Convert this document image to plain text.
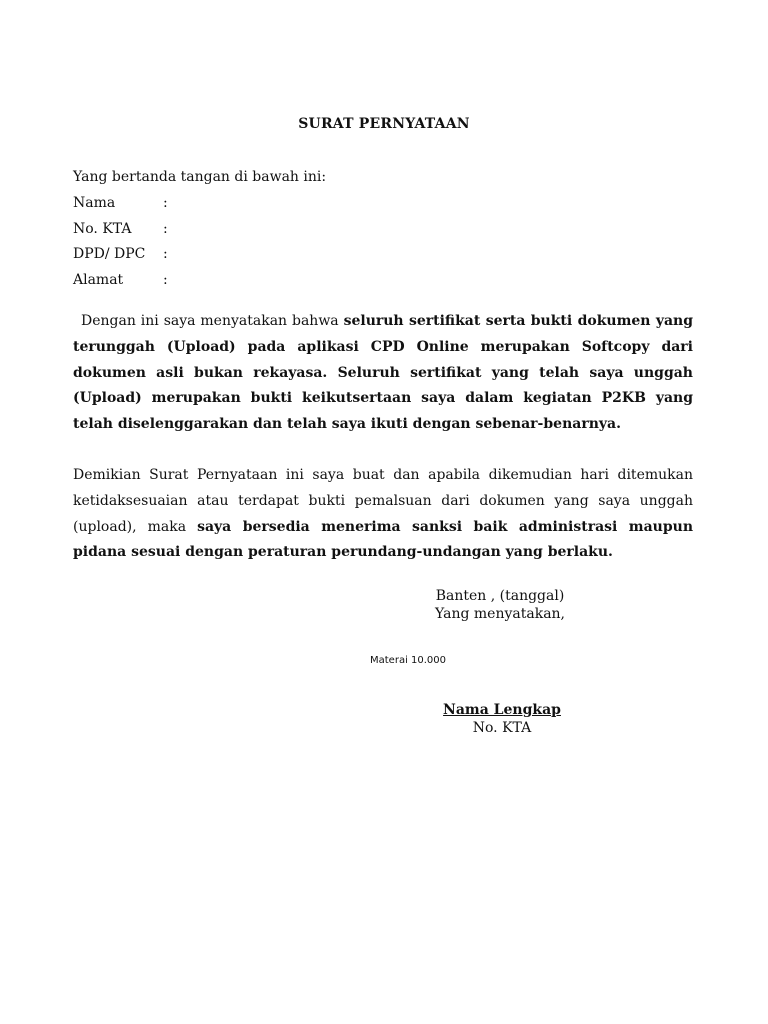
SURAT PERNYATAAN
Yang bertanda tangan di bawah ini:
Nama	:
No. KTA	:
DPD/ DPC	:
Alamat	:

Dengan ini saya menyatakan bahwa seluruh sertifikat serta bukti dokumen yang terunggah (Upload) pada aplikasi CPD Online merupakan Softcopy dari dokumen asli bukan rekayasa. Seluruh sertifikat yang telah saya unggah (Upload) merupakan bukti keikutsertaan saya dalam kegiatan P2KB yang telah diselenggarakan dan telah saya ikuti dengan sebenar-benarnya.

Demikian Surat Pernyataan ini saya buat dan apabila dikemudian hari ditemukan ketidaksesuaian atau terdapat bukti pemalsuan dari dokumen yang saya unggah (upload), maka saya bersedia menerima sanksi baik administrasi maupun pidana sesuai dengan peraturan perundang-undangan yang berlaku.

Banten , (tanggal)
Yang menyatakan,
Materai 10.000
Nama Lengkap
No. KTA
